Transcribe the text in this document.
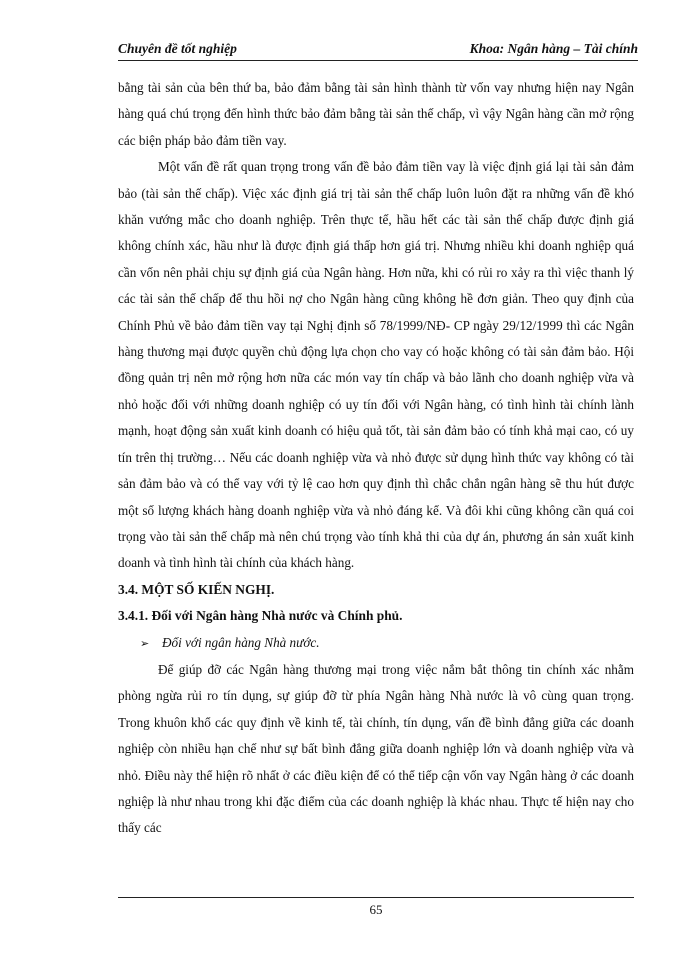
Chuyên đề tốt nghiệp	Khoa: Ngân hàng – Tài chính

bằng tài sản của bên thứ ba, bảo đảm bằng tài sản hình thành từ vốn vay nhưng hiện nay Ngân hàng quá chú trọng đến hình thức bảo đảm bằng tài sản thế chấp, vì vậy Ngân hàng cần mở rộng các biện pháp bảo đảm tiền vay.

Một vấn đề rất quan trọng trong vấn đề bảo đảm tiền vay là việc định giá lại tài sản đảm bảo (tài sản thế chấp). Việc xác định giá trị tài sản thế chấp luôn luôn đặt ra những vấn đề khó khăn vướng mắc cho doanh nghiệp. Trên thực tế, hầu hết các tài sản thế chấp được định giá không chính xác, hầu như là được định giá thấp hơn giá trị. Nhưng nhiều khi doanh nghiệp quá cần vốn nên phải chịu sự định giá của Ngân hàng. Hơn nữa, khi có rủi ro xảy ra thì việc thanh lý các tài sản thế chấp để thu hồi nợ cho Ngân hàng cũng không hề đơn giản. Theo quy định của Chính Phủ về bảo đảm tiền vay tại Nghị định số 78/1999/NĐ- CP ngày 29/12/1999 thì các Ngân hàng thương mại được quyền chủ động lựa chọn cho vay có hoặc không có tài sản đảm bảo. Hội đồng quản trị nên mở rộng hơn nữa các món vay tín chấp và bảo lãnh cho doanh nghiệp vừa và nhỏ hoặc đối với những doanh nghiệp có uy tín đối với Ngân hàng, có tình hình tài chính lành mạnh, hoạt động sản xuất kinh doanh có hiệu quả tốt, tài sản đảm bảo có tính khả mại cao, có uy tín trên thị trường… Nếu các doanh nghiệp vừa và nhỏ được sử dụng hình thức vay không có tài sản đảm bảo và có thể vay với tỷ lệ cao hơn quy định thì chắc chắn ngân hàng sẽ thu hút được một số lượng khách hàng doanh nghiệp vừa và nhỏ đáng kể. Và đôi khi cũng không cần quá coi trọng vào tài sản thế chấp mà nên chú trọng vào tính khả thi của dự án, phương án sản xuất kinh doanh và tình hình tài chính của khách hàng.

3.4. MỘT SỐ KIẾN NGHỊ.

3.4.1. Đối với Ngân hàng Nhà nước và Chính phủ.

➢ Đối với ngân hàng Nhà nước.

Để giúp đỡ các Ngân hàng thương mại trong việc nắm bắt thông tin chính xác nhằm phòng ngừa rủi ro tín dụng, sự giúp đỡ từ phía Ngân hàng Nhà nước là vô cùng quan trọng. Trong khuôn khổ các quy định về kinh tế, tài chính, tín dụng, vấn đề bình đẳng giữa các doanh nghiệp còn nhiều hạn chế như sự bất bình đẳng giữa doanh nghiệp lớn và doanh nghiệp vừa và nhỏ. Điều này thể hiện rõ nhất ở các điều kiện để có thể tiếp cận vốn vay Ngân hàng ở các doanh nghiệp là như nhau trong khi đặc điểm của các doanh nghiệp là khác nhau. Thực tế hiện nay cho thấy các

65
